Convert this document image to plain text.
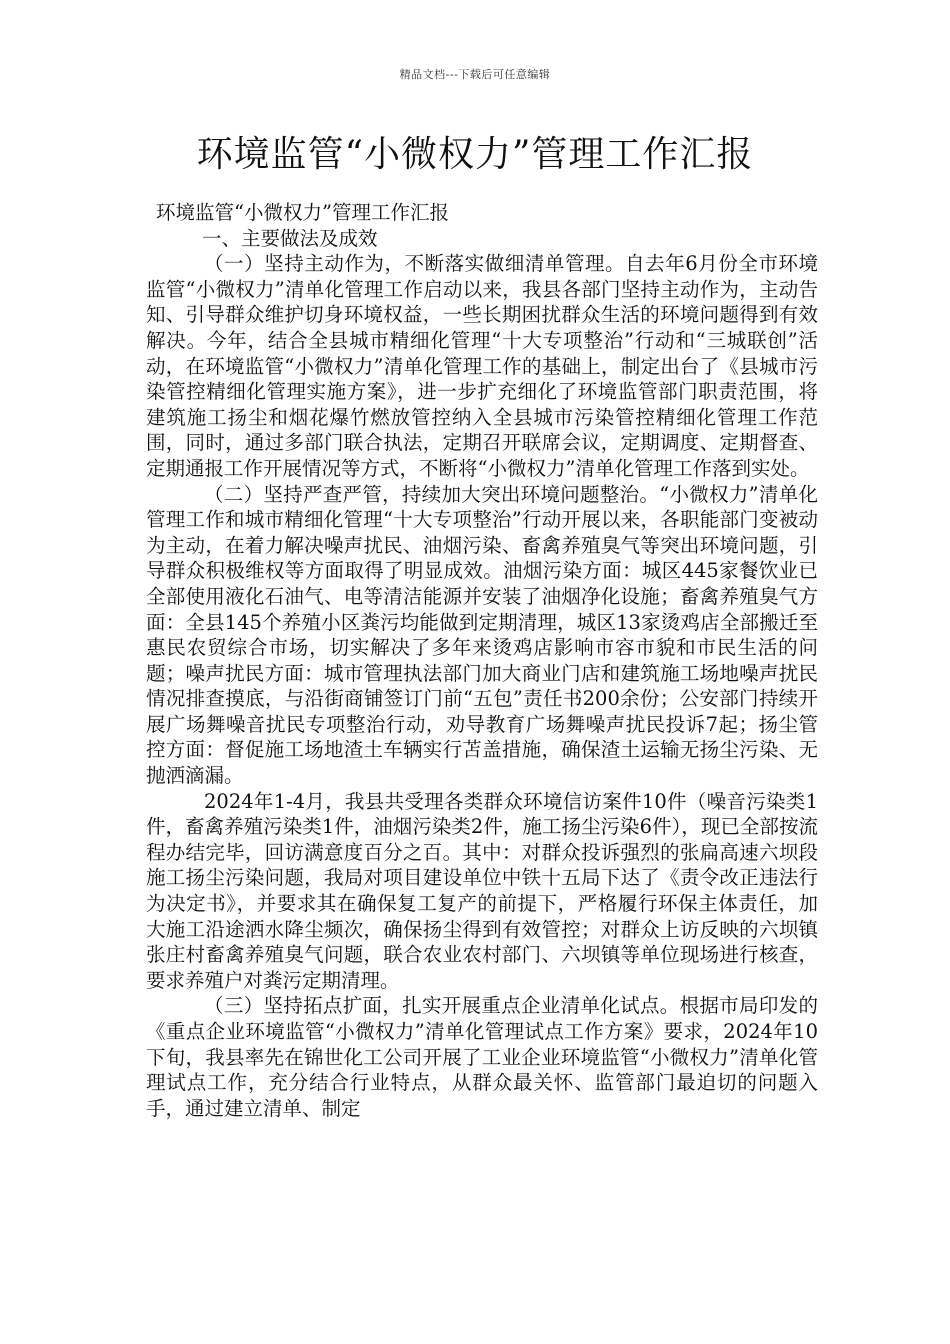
精品文档---下载后可任意编辑
环境监管“小微权力”管理工作汇报

环境监管“小微权力”管理工作汇报

一、主要做法及成效

（一）坚持主动作为，不断落实做细清单管理。自去年6月份全市环境监管“小微权力”清单化管理工作启动以来，我县各部门坚持主动作为，主动告知、引导群众维护切身环境权益，一些长期困扰群众生活的环境问题得到有效解决。今年，结合全县城市精细化管理“十大专项整治”行动和“三城联创”活动，在环境监管“小微权力”清单化管理工作的基础上，制定出台了《县城市污染管控精细化管理实施方案》，进一步扩充细化了环境监管部门职责范围，将建筑施工扬尘和烟花爆竹燃放管控纳入全县城市污染管控精细化管理工作范围，同时，通过多部门联合执法，定期召开联席会议，定期调度、定期督查、定期通报工作开展情况等方式，不断将“小微权力”清单化管理工作落到实处。

（二）坚持严查严管，持续加大突出环境问题整治。“小微权力”清单化管理工作和城市精细化管理“十大专项整治”行动开展以来，各职能部门变被动为主动，在着力解决噪声扰民、油烟污染、畜禽养殖臭气等突出环境问题，引导群众积极维权等方面取得了明显成效。油烟污染方面：城区445家餐饮业已全部使用液化石油气、电等清洁能源并安装了油烟净化设施；畜禽养殖臭气方面：全县145个养殖小区粪污均能做到定期清理，城区13家烫鸡店全部搬迁至惠民农贸综合市场，切实解决了多年来烫鸡店影响市容市貌和市民生活的问题；噪声扰民方面：城市管理执法部门加大商业门店和建筑施工场地噪声扰民情况排查摸底，与沿街商铺签订门前“五包”责任书200余份；公安部门持续开展广场舞噪音扰民专项整治行动，劝导教育广场舞噪声扰民投诉7起；扬尘管控方面：督促施工场地渣土车辆实行苫盖措施，确保渣土运输无扬尘污染、无抛洒滴漏。

2024年1-4月，我县共受理各类群众环境信访案件10件（噪音污染类1件，畜禽养殖污染类1件，油烟污染类2件，施工扬尘污染6件），现已全部按流程办结完毕，回访满意度百分之百。其中：对群众投诉强烈的张扁高速六坝段施工扬尘污染问题，我局对项目建设单位中铁十五局下达了《责令改正违法行为决定书》，并要求其在确保复工复产的前提下，严格履行环保主体责任，加大施工沿途洒水降尘频次，确保扬尘得到有效管控；对群众上访反映的六坝镇张庄村畜禽养殖臭气问题，联合农业农村部门、六坝镇等单位现场进行核查，要求养殖户对粪污定期清理。

（三）坚持拓点扩面，扎实开展重点企业清单化试点。根据市局印发的《重点企业环境监管“小微权力”清单化管理试点工作方案》要求，2024年10下旬，我县率先在锦世化工公司开展了工业企业环境监管“小微权力”清单化管理试点工作，充分结合行业特点，从群众最关怀、监管部门最迫切的问题入手，通过建立清单、制定
